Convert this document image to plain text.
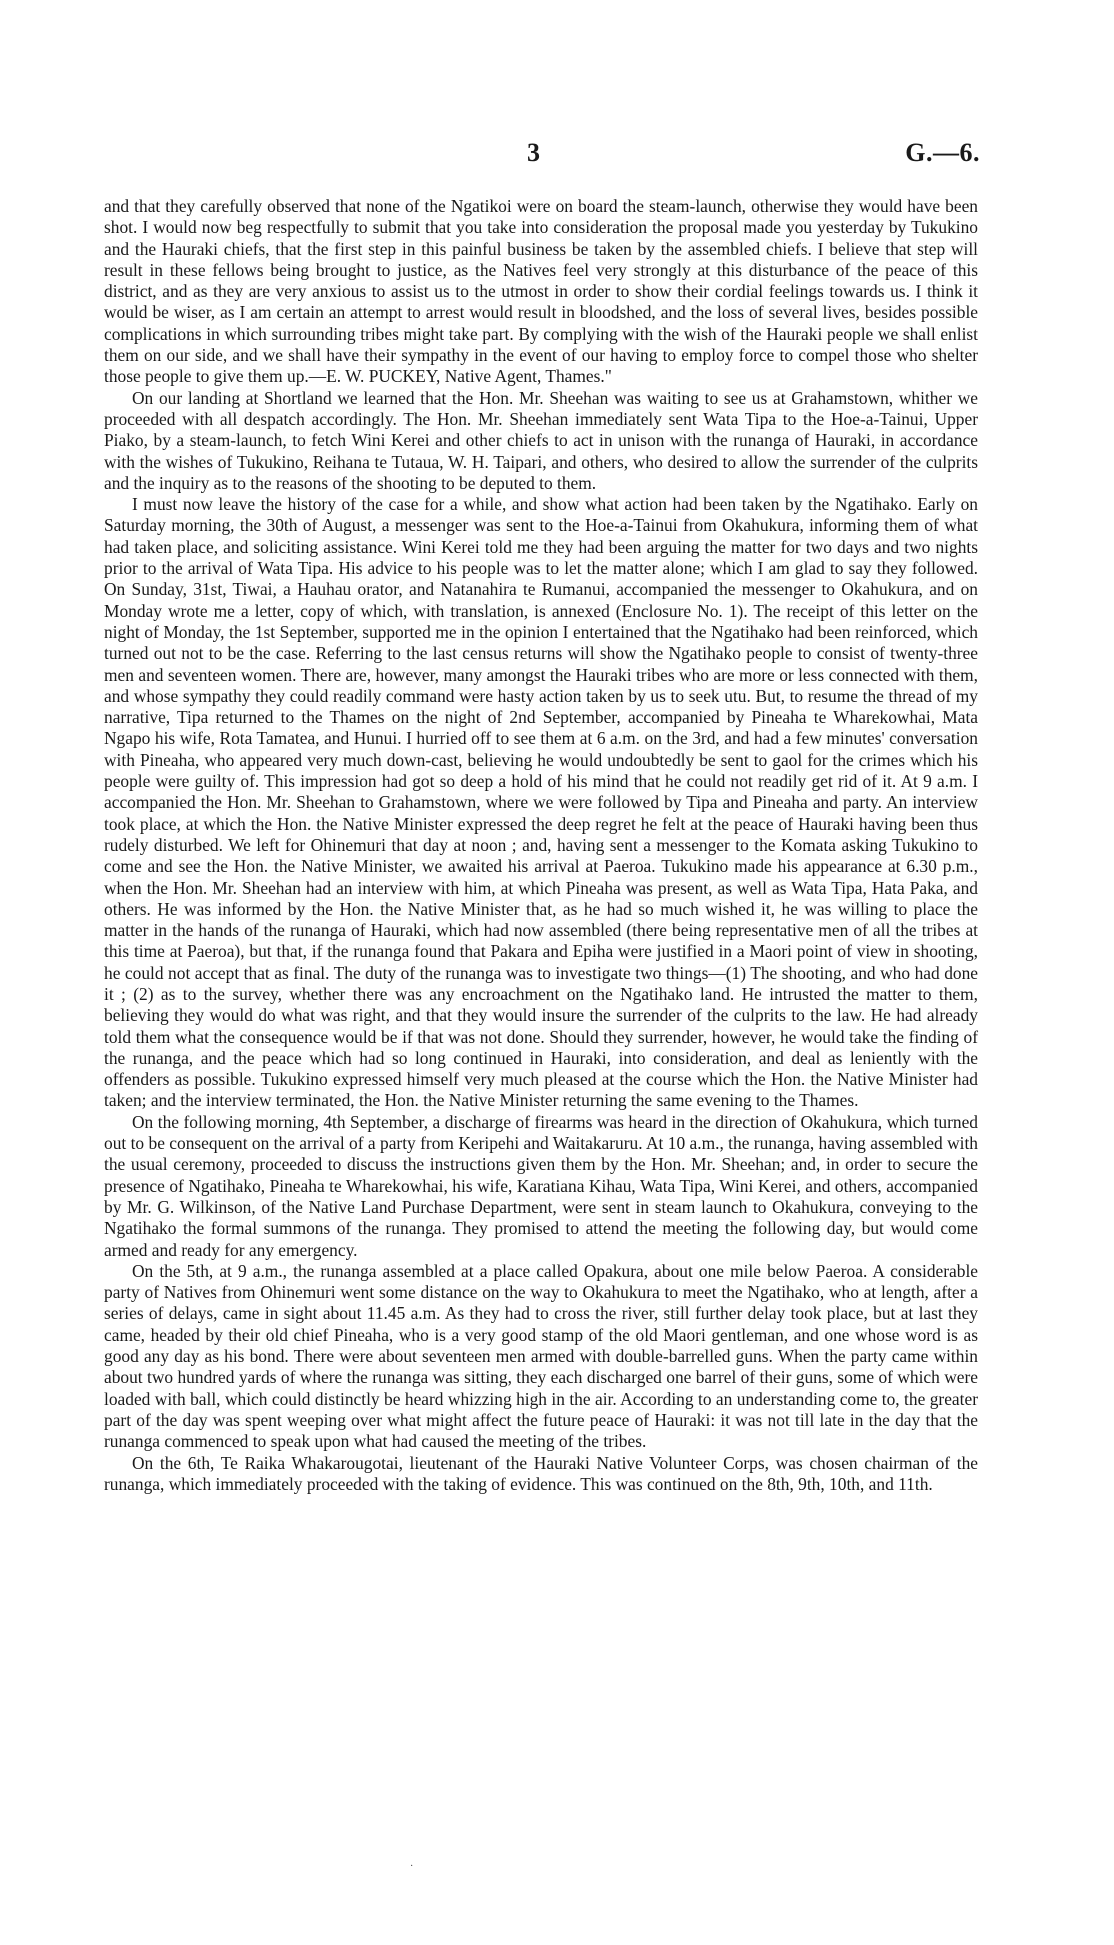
3	G.—6.

and that they carefully observed that none of the Ngatikoi were on board the steam-launch, otherwise they would have been shot. I would now beg respectfully to submit that you take into consideration the proposal made you yesterday by Tukukino and the Hauraki chiefs, that the first step in this painful business be taken by the assembled chiefs. I believe that step will result in these fellows being brought to justice, as the Natives feel very strongly at this disturbance of the peace of this district, and as they are very anxious to assist us to the utmost in order to show their cordial feelings towards us. I think it would be wiser, as I am certain an attempt to arrest would result in bloodshed, and the loss of several lives, besides possible complications in which surrounding tribes might take part. By complying with the wish of the Hauraki people we shall enlist them on our side, and we shall have their sympathy in the event of our having to employ force to compel those who shelter those people to give them up.—E. W. PUCKEY, Native Agent, Thames."

On our landing at Shortland we learned that the Hon. Mr. Sheehan was waiting to see us at Grahamstown, whither we proceeded with all despatch accordingly. The Hon. Mr. Sheehan immediately sent Wata Tipa to the Hoe-a-Tainui, Upper Piako, by a steam-launch, to fetch Wini Kerei and other chiefs to act in unison with the runanga of Hauraki, in accordance with the wishes of Tukukino, Reihana te Tutaua, W. H. Taipari, and others, who desired to allow the surrender of the culprits and the inquiry as to the reasons of the shooting to be deputed to them.

I must now leave the history of the case for a while, and show what action had been taken by the Ngatihako. Early on Saturday morning, the 30th of August, a messenger was sent to the Hoe-a-Tainui from Okahukura, informing them of what had taken place, and soliciting assistance. Wini Kerei told me they had been arguing the matter for two days and two nights prior to the arrival of Wata Tipa. His advice to his people was to let the matter alone; which I am glad to say they followed. On Sunday, 31st, Tiwai, a Hauhau orator, and Natanahira te Rumanui, accompanied the messenger to Okahukura, and on Monday wrote me a letter, copy of which, with translation, is annexed (Enclosure No. 1). The receipt of this letter on the night of Monday, the 1st September, supported me in the opinion I entertained that the Ngatihako had been reinforced, which turned out not to be the case. Referring to the last census returns will show the Ngatihako people to consist of twenty-three men and seventeen women. There are, however, many amongst the Hauraki tribes who are more or less connected with them, and whose sympathy they could readily command were hasty action taken by us to seek utu. But, to resume the thread of my narrative, Tipa returned to the Thames on the night of 2nd September, accompanied by Pineaha te Wharekowhai, Mata Ngapo his wife, Rota Tamatea, and Hunui. I hurried off to see them at 6 a.m. on the 3rd, and had a few minutes' conversation with Pineaha, who appeared very much down-cast, believing he would undoubtedly be sent to gaol for the crimes which his people were guilty of. This impression had got so deep a hold of his mind that he could not readily get rid of it. At 9 a.m. I accompanied the Hon. Mr. Sheehan to Grahamstown, where we were followed by Tipa and Pineaha and party. An interview took place, at which the Hon. the Native Minister expressed the deep regret he felt at the peace of Hauraki having been thus rudely disturbed. We left for Ohinemuri that day at noon ; and, having sent a messenger to the Komata asking Tukukino to come and see the Hon. the Native Minister, we awaited his arrival at Paeroa. Tukukino made his appearance at 6.30 p.m., when the Hon. Mr. Sheehan had an interview with him, at which Pineaha was present, as well as Wata Tipa, Hata Paka, and others. He was informed by the Hon. the Native Minister that, as he had so much wished it, he was willing to place the matter in the hands of the runanga of Hauraki, which had now assembled (there being representative men of all the tribes at this time at Paeroa), but that, if the runanga found that Pakara and Epiha were justified in a Maori point of view in shooting, he could not accept that as final. The duty of the runanga was to investigate two things—(1) The shooting, and who had done it ; (2) as to the survey, whether there was any encroachment on the Ngatihako land. He intrusted the matter to them, believing they would do what was right, and that they would insure the surrender of the culprits to the law. He had already told them what the consequence would be if that was not done. Should they surrender, however, he would take the finding of the runanga, and the peace which had so long continued in Hauraki, into consideration, and deal as leniently with the offenders as possible. Tukukino expressed himself very much pleased at the course which the Hon. the Native Minister had taken; and the interview terminated, the Hon. the Native Minister returning the same evening to the Thames.

On the following morning, 4th September, a discharge of firearms was heard in the direction of Okahukura, which turned out to be consequent on the arrival of a party from Keripehi and Waitakaruru. At 10 a.m., the runanga, having assembled with the usual ceremony, proceeded to discuss the instructions given them by the Hon. Mr. Sheehan; and, in order to secure the presence of Ngatihako, Pineaha te Wharekowhai, his wife, Karatiana Kihau, Wata Tipa, Wini Kerei, and others, accompanied by Mr. G. Wilkinson, of the Native Land Purchase Department, were sent in steam launch to Okahukura, conveying to the Ngatihako the formal summons of the runanga. They promised to attend the meeting the following day, but would come armed and ready for any emergency.

On the 5th, at 9 a.m., the runanga assembled at a place called Opakura, about one mile below Paeroa. A considerable party of Natives from Ohinemuri went some distance on the way to Okahukura to meet the Ngatihako, who at length, after a series of delays, came in sight about 11.45 a.m. As they had to cross the river, still further delay took place, but at last they came, headed by their old chief Pineaha, who is a very good stamp of the old Maori gentleman, and one whose word is as good any day as his bond. There were about seventeen men armed with double-barrelled guns. When the party came within about two hundred yards of where the runanga was sitting, they each discharged one barrel of their guns, some of which were loaded with ball, which could distinctly be heard whizzing high in the air. According to an understanding come to, the greater part of the day was spent weeping over what might affect the future peace of Hauraki: it was not till late in the day that the runanga commenced to speak upon what had caused the meeting of the tribes.

On the 6th, Te Raika Whakarougotai, lieutenant of the Hauraki Native Volunteer Corps, was chosen chairman of the runanga, which immediately proceeded with the taking of evidence. This was continued on the 8th, 9th, 10th, and 11th.

·
